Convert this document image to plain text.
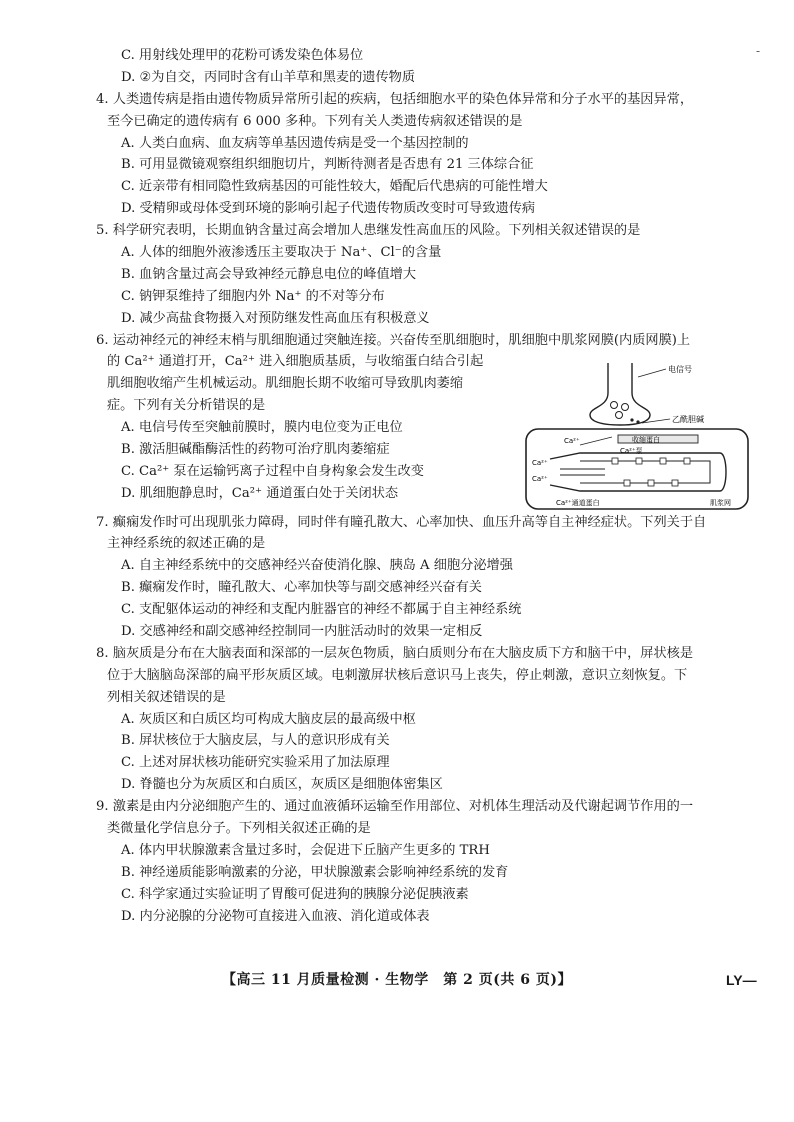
-
C. 用射线处理甲的花粉可诱发染色体易位
D. ②为自交，丙同时含有山羊草和黑麦的遗传物质
4. 人类遗传病是指由遗传物质异常所引起的疾病，包括细胞水平的染色体异常和分子水平的基因异常，
至今已确定的遗传病有 6 000 多种。下列有关人类遗传病叙述错误的是
A. 人类白血病、血友病等单基因遗传病是受一个基因控制的
B. 可用显微镜观察组织细胞切片，判断待测者是否患有 21 三体综合征
C. 近亲带有相同隐性致病基因的可能性较大，婚配后代患病的可能性增大
D. 受精卵或母体受到环境的影响引起子代遗传物质改变时可导致遗传病
5. 科学研究表明，长期血钠含量过高会增加人患继发性高血压的风险。下列相关叙述错误的是
A. 人体的细胞外液渗透压主要取决于 Na⁺、Cl⁻的含量
B. 血钠含量过高会导致神经元静息电位的峰值增大
C. 钠钾泵维持了细胞内外 Na⁺ 的不对等分布
D. 减少高盐食物摄入对预防继发性高血压有积极意义
6. 运动神经元的神经末梢与肌细胞通过突触连接。兴奋传至肌细胞时，肌细胞中肌浆网膜(内质网膜)上
的 Ca²⁺ 通道打开，Ca²⁺ 进入细胞质基质，与收缩蛋白结合引起
肌细胞收缩产生机械运动。肌细胞长期不收缩可导致肌肉萎缩
症。下列有关分析错误的是
A. 电信号传至突触前膜时，膜内电位变为正电位
B. 激活胆碱酯酶活性的药物可治疗肌肉萎缩症
C. Ca²⁺ 泵在运输钙离子过程中自身构象会发生改变
D. 肌细胞静息时，Ca²⁺ 通道蛋白处于关闭状态
电信号
乙酰胆碱
收缩蛋白
Ca²⁺
Ca²⁺
Ca²⁺
Ca²⁺泵
Ca²⁺通道蛋白	肌浆网
7. 癫痫发作时可出现肌张力障碍，同时伴有瞳孔散大、心率加快、血压升高等自主神经症状。下列关于自
主神经系统的叙述正确的是
A. 自主神经系统中的交感神经兴奋使消化腺、胰岛 A 细胞分泌增强
B. 癫痫发作时，瞳孔散大、心率加快等与副交感神经兴奋有关
C. 支配躯体运动的神经和支配内脏器官的神经不都属于自主神经系统
D. 交感神经和副交感神经控制同一内脏活动时的效果一定相反
8. 脑灰质是分布在大脑表面和深部的一层灰色物质，脑白质则分布在大脑皮质下方和脑干中，屏状核是
位于大脑脑岛深部的扁平形灰质区域。电刺激屏状核后意识马上丧失，停止刺激，意识立刻恢复。下
列相关叙述错误的是
A. 灰质区和白质区均可构成大脑皮层的最高级中枢
B. 屏状核位于大脑皮层，与人的意识形成有关
C. 上述对屏状核功能研究实验采用了加法原理
D. 脊髓也分为灰质区和白质区，灰质区是细胞体密集区
9. 激素是由内分泌细胞产生的、通过血液循环运输至作用部位、对机体生理活动及代谢起调节作用的一
类微量化学信息分子。下列相关叙述正确的是
A. 体内甲状腺激素含量过多时，会促进下丘脑产生更多的 TRH
B. 神经递质能影响激素的分泌，甲状腺激素会影响神经系统的发育
C. 科学家通过实验证明了胃酸可促进狗的胰腺分泌促胰液素
D. 内分泌腺的分泌物可直接进入血液、消化道或体表
【高三 11 月质量检测 · 生物学　第 2 页(共 6 页)】	LY—
